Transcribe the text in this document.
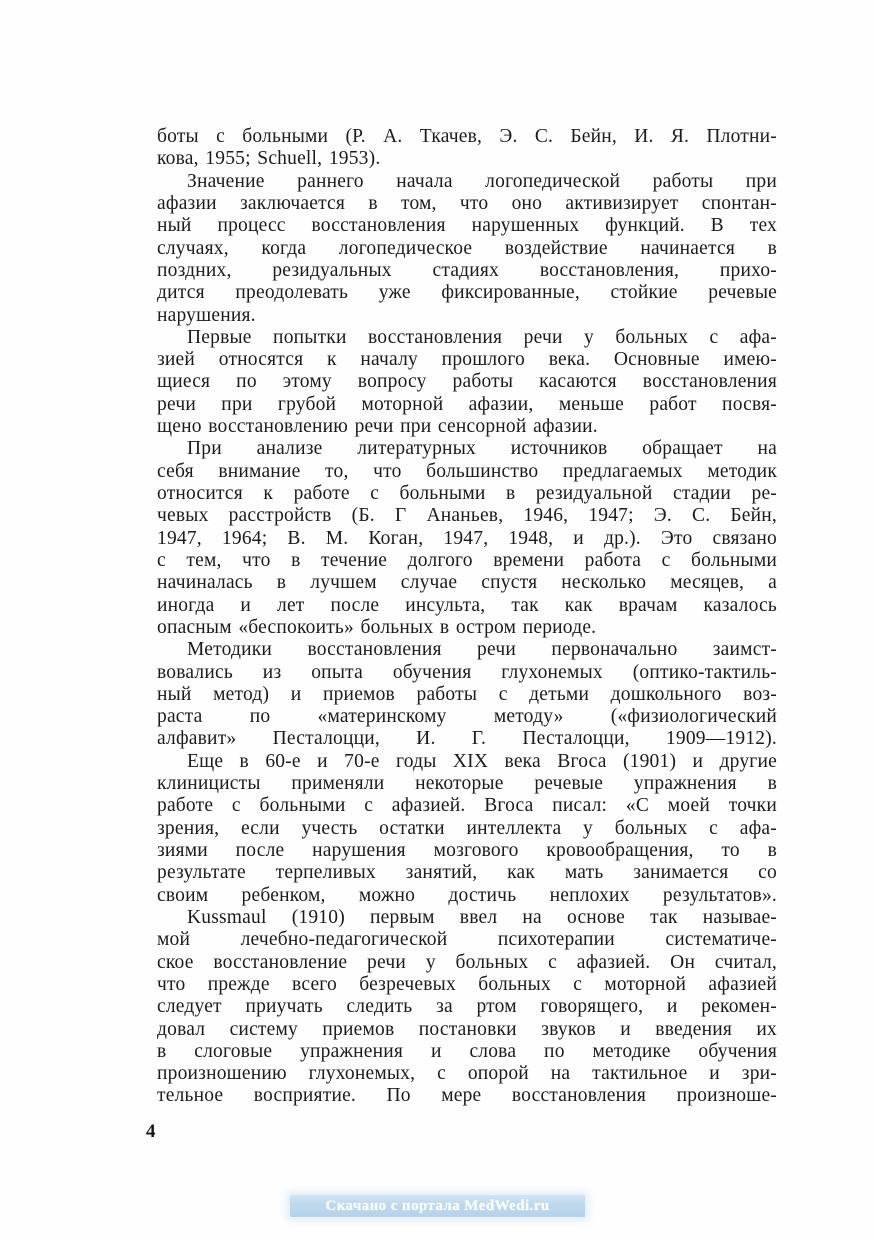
боты с больными (Р. А. Ткачев, Э. С. Бейн, И. Я. Плотни-
кова, 1955; Schuell, 1953).
Значение раннего начала логопедической работы при
афазии заключается в том, что оно активизирует спонтан-
ный процесс восстановления нарушенных функций. В тех
случаях, когда логопедическое воздействие начинается в
поздних, резидуальных стадиях восстановления, прихо-
дится преодолевать уже фиксированные, стойкие речевые
нарушения.
Первые попытки восстановления речи у больных с афа-
зией относятся к началу прошлого века. Основные имею-
щиеся по этому вопросу работы касаются восстановления
речи при грубой моторной афазии, меньше работ посвя-
щено восстановлению речи при сенсорной афазии.
При анализе литературных источников обращает на
себя внимание то, что большинство предлагаемых методик
относится к работе с больными в резидуальной стадии ре-
чевых расстройств (Б. Г Ананьев, 1946, 1947; Э. С. Бейн,
1947, 1964; В. М. Коган, 1947, 1948, и др.). Это связано
с тем, что в течение долгого времени работа с больными
начиналась в лучшем случае спустя несколько месяцев, а
иногда и лет после инсульта, так как врачам казалось
опасным «беспокоить» больных в остром периоде.
Методики восстановления речи первоначально заимст-
вовались из опыта обучения глухонемых (оптико-тактиль-
ный метод) и приемов работы с детьми дошкольного воз-
раста по «материнскому методу» («физиологический
алфавит» Песталоцци, И. Г. Песталоцци, 1909—1912).
Еще в 60-е и 70-е годы XIX века Вгоса (1901) и другие
клиницисты применяли некоторые речевые упражнения в
работе с больными с афазией. Вгоса писал: «С моей точки
зрения, если учесть остатки интеллекта у больных с афа-
зиями после нарушения мозгового кровообращения, то в
результате терпеливых занятий, как мать занимается со
своим ребенком, можно достичь неплохих результатов».
Kussmaul (1910) первым ввел на основе так называе-
мой лечебно-педагогической психотерапии систематиче-
ское восстановление речи у больных с афазией. Он считал,
что прежде всего безречевых больных с моторной афазией
следует приучать следить за ртом говорящего, и рекомен-
довал систему приемов постановки звуков и введения их
в слоговые упражнения и слова по методике обучения
произношению глухонемых, с опорой на тактильное и зри-
тельное восприятие. По мере восстановления произноше-
4
Скачано с портала MedWedi.ru
